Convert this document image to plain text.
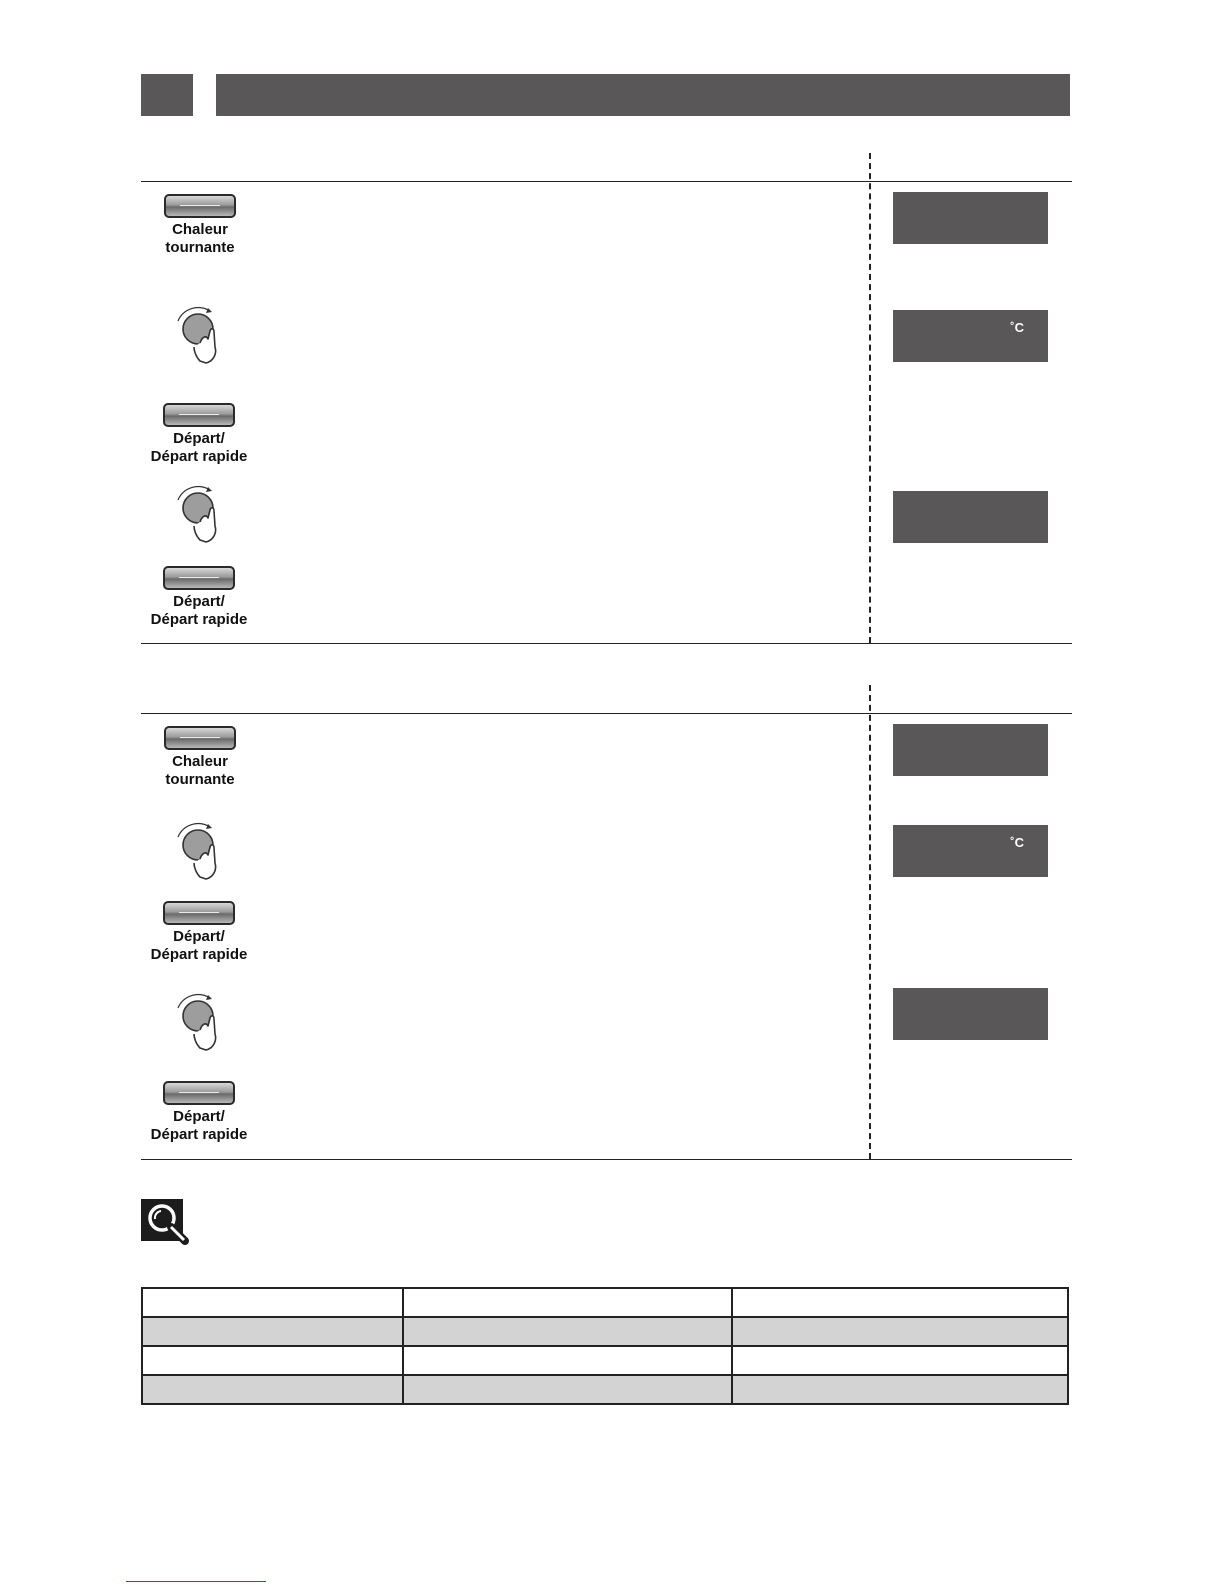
Chaleur
tournante
Départ/
Départ rapide
Départ/
Départ rapide
˚C
Chaleur
tournante
Départ/
Départ rapide
Départ/
Départ rapide
˚C
